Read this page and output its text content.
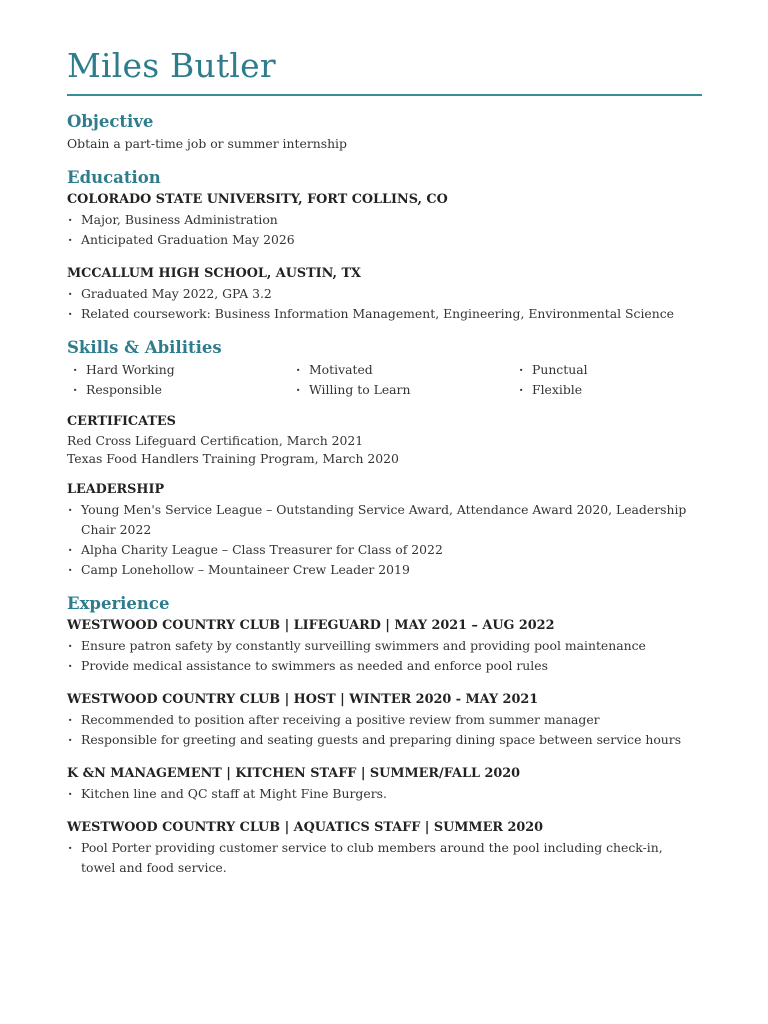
Miles Butler
Objective

Obtain a part-time job or summer internship

Education
COLORADO STATE UNIVERSITY, FORT COLLINS, CO
· Major, Business Administration
· Anticipated Graduation May 2026
MCCALLUM HIGH SCHOOL, AUSTIN, TX
· Graduated May 2022, GPA 3.2
· Related coursework: Business Information Management, Engineering, Environmental Science
Skills & Abilities
· Hard Working	· Motivated	· Punctual
· Responsible	· Willing to Learn	· Flexible
CERTIFICATES

Red Cross Lifeguard Certification, March 2021

Texas Food Handlers Training Program, March 2020

LEADERSHIP
· Young Men's Service League – Outstanding Service Award, Attendance Award 2020, Leadership Chair 2022
· Alpha Charity League – Class Treasurer for Class of 2022
· Camp Lonehollow – Mountaineer Crew Leader 2019
Experience
WESTWOOD COUNTRY CLUB | LIFEGUARD | MAY 2021 – AUG 2022
· Ensure patron safety by constantly surveilling swimmers and providing pool maintenance
· Provide medical assistance to swimmers as needed and enforce pool rules
WESTWOOD COUNTRY CLUB | HOST | WINTER 2020 - MAY 2021
· Recommended to position after receiving a positive review from summer manager
· Responsible for greeting and seating guests and preparing dining space between service hours
K &N MANAGEMENT | KITCHEN STAFF | SUMMER/FALL 2020
· Kitchen line and QC staff at Might Fine Burgers.
WESTWOOD COUNTRY CLUB | AQUATICS STAFF | SUMMER 2020
· Pool Porter providing customer service to club members around the pool including check-in, towel and food service.
